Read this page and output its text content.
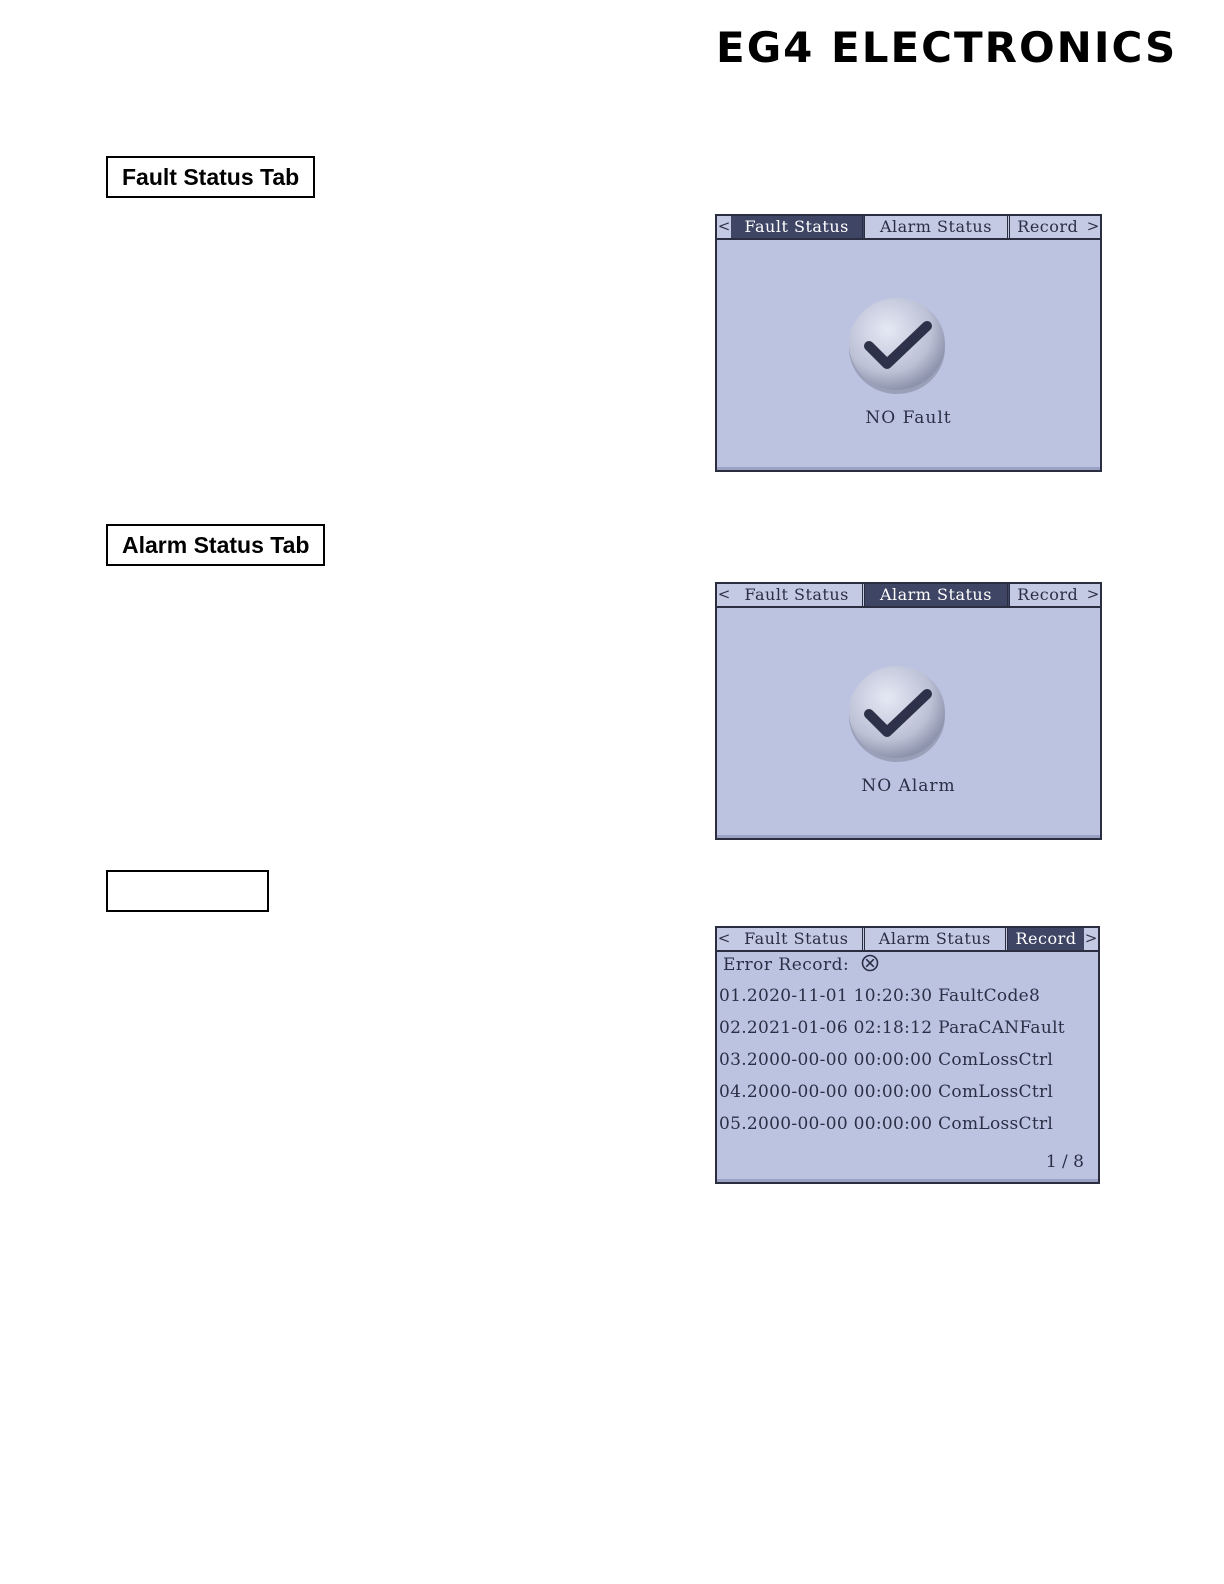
EG4 ELECTRONICS
Fault Status Tab
< Fault Status	Alarm Status	Record >
NO Fault
Alarm Status Tab
< Fault Status	Alarm Status	Record >
NO Alarm
< Fault Status	Alarm Status	Record >
Error Record:
01.2020-11-01 10:20:30 FaultCode8
02.2021-01-06 02:18:12 ParaCANFault
03.2000-00-00 00:00:00 ComLossCtrl
04.2000-00-00 00:00:00 ComLossCtrl
05.2000-00-00 00:00:00 ComLossCtrl
1 / 8
